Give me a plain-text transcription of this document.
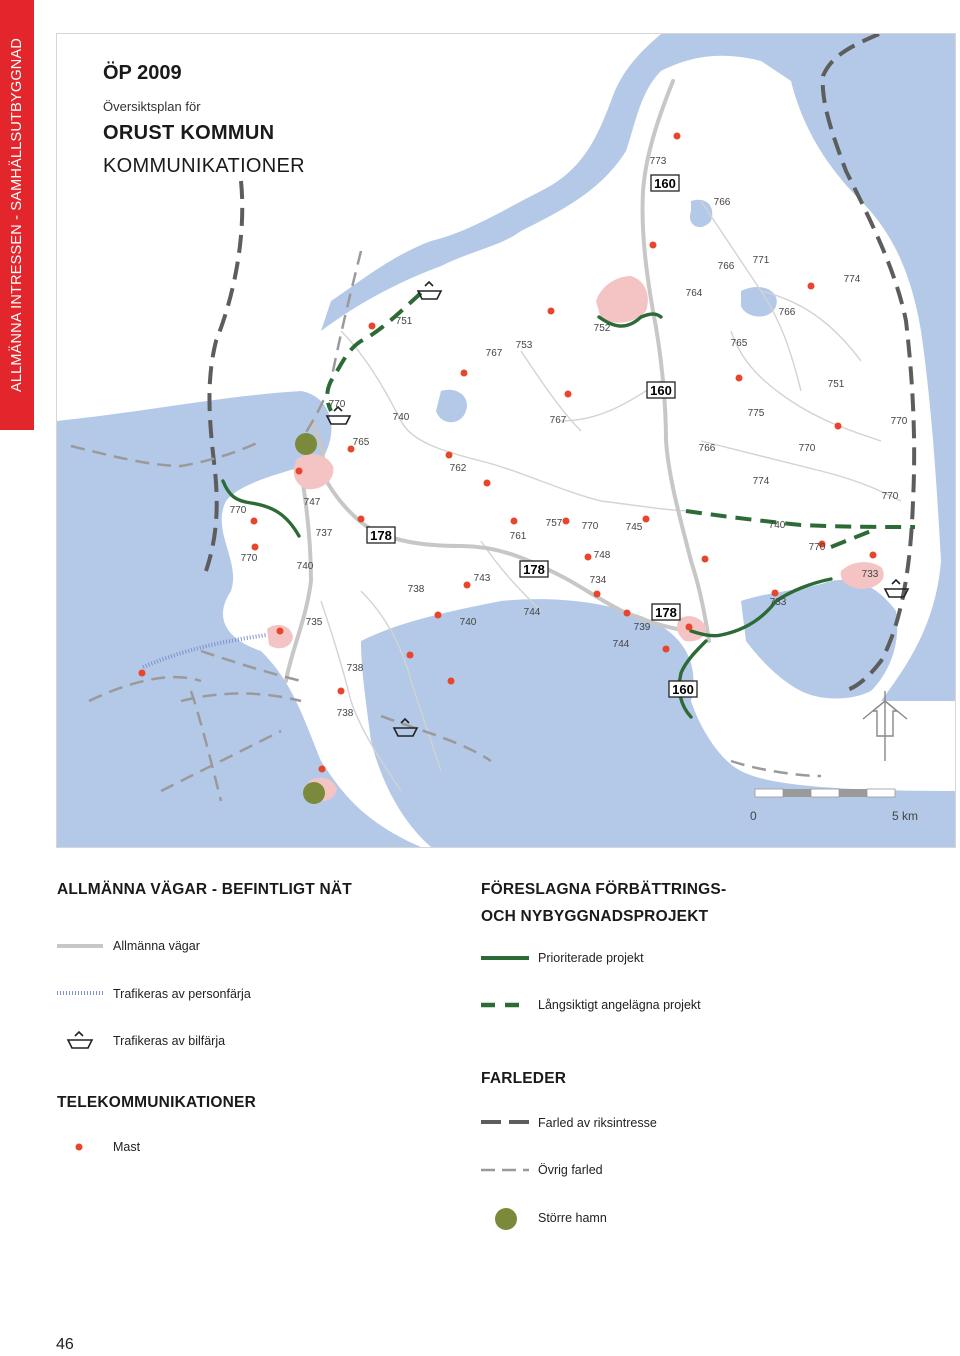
ALLMÄNNA INTRESSEN - SAMHÄLLSUTBYGGNAD	160
160
178
178
178
160
773
766
766
771
764
774
766
765
751
752
753
767
751
770
740	767
775
770
765
766	770
762
774
770
747
770
757 770	745	740
737	761
748
770
770
740
733
743	734
738
733
744
739
735	740
744
738
738
ÖP 2009
Översiktsplan för
ORUST KOMMUN
KOMMUNIKATIONER
0	5 km
ALLMÄNNA VÄGAR - BEFINTLIGT NÄT
Allmänna vägar
Trafikeras av personfärja
Trafikeras av bilfärja
TELEKOMMUNIKATIONER
Mast
FÖRESLAGNA FÖRBÄTTRINGS-
OCH NYBYGGNADSPROJEKT
Prioriterade projekt
Långsiktigt angelägna projekt
FARLEDER
Farled av riksintresse
Övrig farled
Större hamn
46
